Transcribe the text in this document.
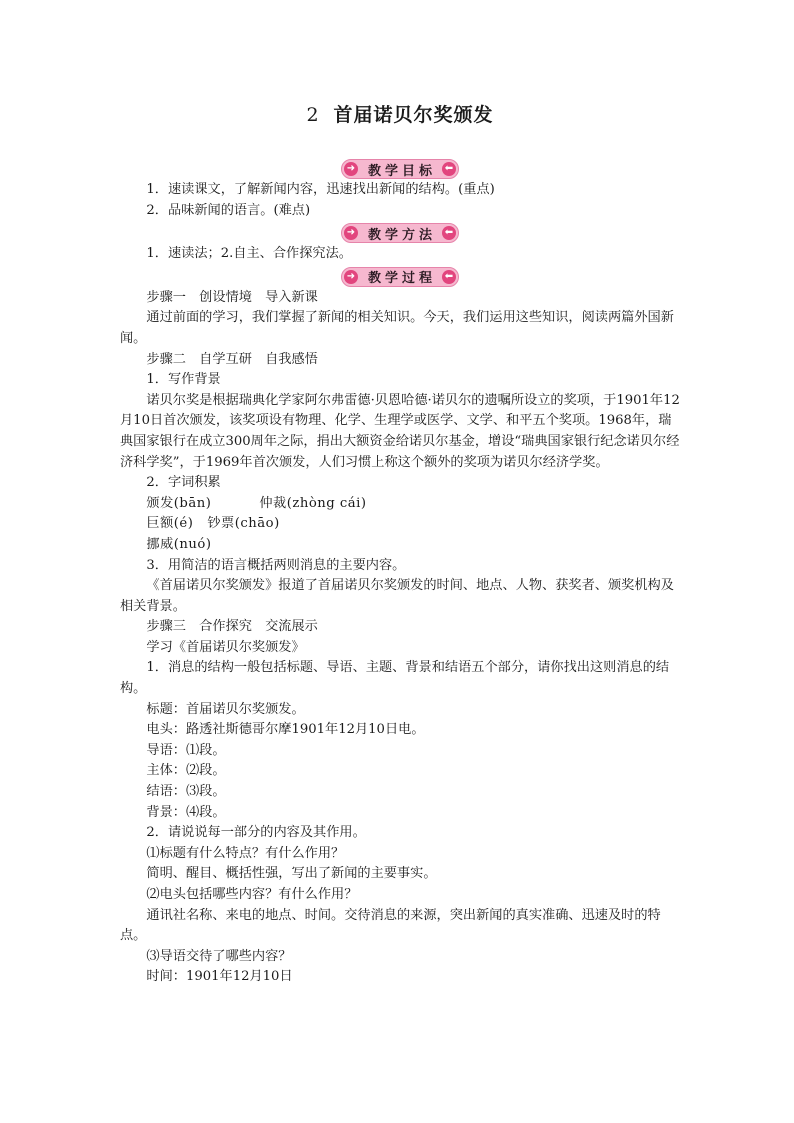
2 首届诺贝尔奖颁发
➜ 教学目标 ⬅

1．速读课文，了解新闻内容，迅速找出新闻的结构。(重点)

2．品味新闻的语言。(难点)

➜ 教学方法 ⬅

1．速读法；2.自主、合作探究法。

➜ 教学过程 ⬅

步骤一　创设情境　导入新课

通过前面的学习，我们掌握了新闻的相关知识。今天，我们运用这些知识，阅读两篇外国新闻。

步骤二　自学互研　自我感悟

1．写作背景

诺贝尔奖是根据瑞典化学家阿尔弗雷德·贝恩哈德·诺贝尔的遗嘱所设立的奖项，于1901年12月10日首次颁发，该奖项设有物理、化学、生理学或医学、文学、和平五个奖项。1968年，瑞典国家银行在成立300周年之际，捐出大额资金给诺贝尔基金，增设“瑞典国家银行纪念诺贝尔经济科学奖”，于1969年首次颁发，人们习惯上称这个额外的奖项为诺贝尔经济学奖。

2．字词积累

颁发(bān)	仲裁(zhòng cái)

巨额(é) 钞票(chāo)

挪威(nuó)

3．用简洁的语言概括两则消息的主要内容。

《首届诺贝尔奖颁发》报道了首届诺贝尔奖颁发的时间、地点、人物、获奖者、颁奖机构及相关背景。

步骤三　合作探究　交流展示

学习《首届诺贝尔奖颁发》

1．消息的结构一般包括标题、导语、主题、背景和结语五个部分，请你找出这则消息的结构。

标题：首届诺贝尔奖颁发。

电头：路透社斯德哥尔摩1901年12月10日电。

导语：⑴段。

主体：⑵段。

结语：⑶段。

背景：⑷段。

2．请说说每一部分的内容及其作用。

⑴标题有什么特点？有什么作用？

简明、醒目、概括性强，写出了新闻的主要事实。

⑵电头包括哪些内容？有什么作用？

通讯社名称、来电的地点、时间。交待消息的来源，突出新闻的真实准确、迅速及时的特点。

⑶导语交待了哪些内容？

时间：1901年12月10日
